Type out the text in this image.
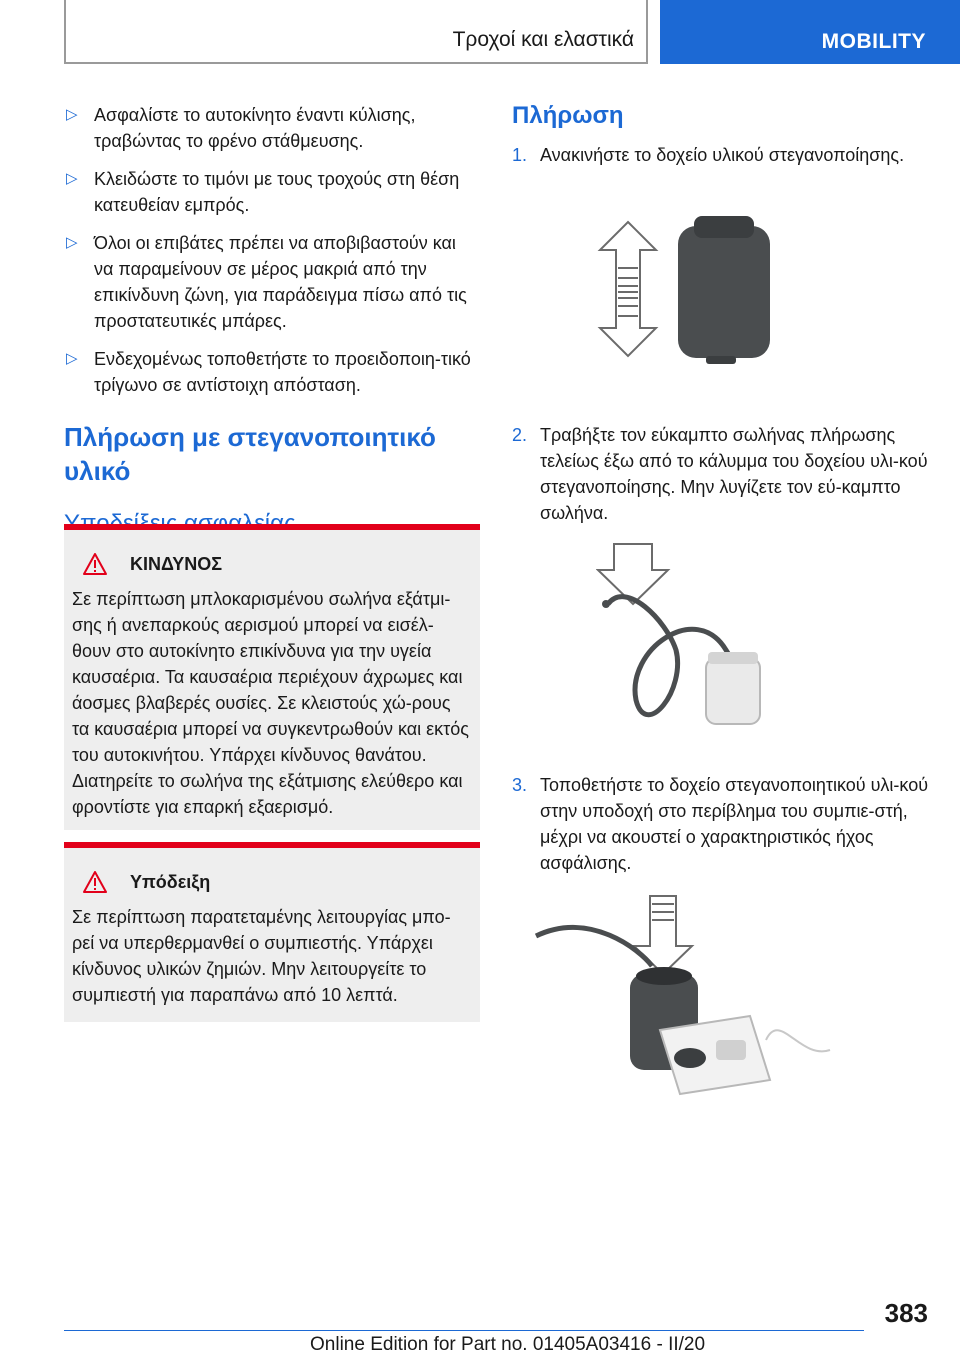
Τροχοί και ελαστικά	MOBILITY
▷ Ασφαλίστε το αυτοκίνητο έναντι κύλισης, τραβώντας το φρένο στάθμευσης.
▷ Κλειδώστε το τιμόνι με τους τροχούς στη θέση κατευθείαν εμπρός.
▷ Όλοι οι επιβάτες πρέπει να αποβιβαστούν και να παραμείνουν σε μέρος μακριά από την επικίνδυνη ζώνη, για παράδειγμα πίσω από τις προστατευτικές μπάρες.
▷ Ενδεχομένως τοποθετήστε το προειδοποιη-τικό τρίγωνο σε αντίστοιχη απόσταση.
Πλήρωση με στεγανοποιητικό υλικό
ΚΙΝΔΥΝΟΣ
Σε περίπτωση μπλοκαρισμένου σωλήνα εξάτμι-σης ή ανεπαρκούς αερισμού μπορεί να εισέλ-θουν στο αυτοκίνητο επικίνδυνα για την υγεία καυσαέρια. Τα καυσαέρια περιέχουν άχρωμες και άοσμες βλαβερές ουσίες. Σε κλειστούς χώ-ρους τα καυσαέρια μπορεί να συγκεντρωθούν και εκτός του αυτοκινήτου. Υπάρχει κίνδυνος θανάτου. Διατηρείτε το σωλήνα της εξάτμισης ελεύθερο και φροντίστε για επαρκή εξαερισμό.
Υπόδειξη
Σε περίπτωση παρατεταμένης λειτουργίας μπο-ρεί να υπερθερμανθεί ο συμπιεστής. Υπάρχει κίνδυνος υλικών ζημιών. Μην λειτουργείτε το συμπιεστή για παραπάνω από 10 λεπτά.
Πλήρωση
1. Ανακινήστε το δοχείο υλικού στεγανοποίησης.
2. Τραβήξτε τον εύκαμπτο σωλήνας πλήρωσης τελείως έξω από το κάλυμμα του δοχείου υλι-κού στεγανοποίησης. Μην λυγίζετε τον εύ-καμπτο σωλήνα.
3. Τοποθετήστε το δοχείο στεγανοποιητικού υλι-κού στην υποδοχή στο περίβλημα του συμπιε-στή, μέχρι να ακουστεί ο χαρακτηριστικός ήχος ασφάλισης.
383
Online Edition for Part no. 01405A03416 - II/20
